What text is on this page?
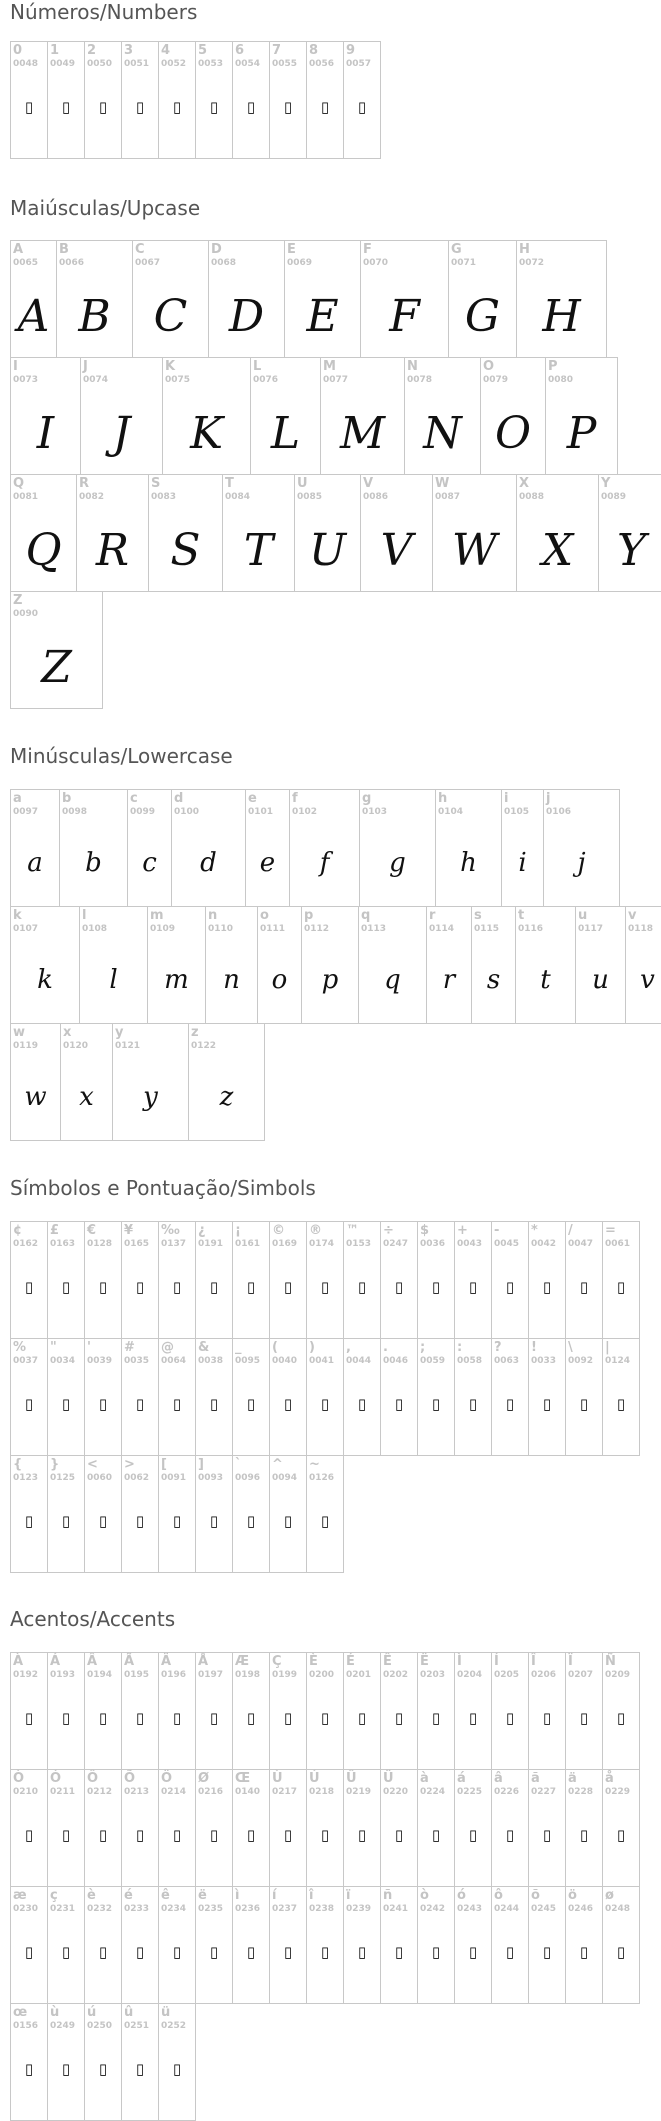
Números/Numbers
0
0048
▯
1
0049
▯
2
0050
▯
3
0051
▯
4
0052
▯
5
0053
▯
6
0054
▯
7
0055
▯
8
0056
▯
9
0057
▯
Maiúsculas/Upcase
A
0065
A
B
0066
B
C
0067
C
D
0068
D
E
0069
E
F
0070
F
G
0071
G
H
0072
H
I
0073
I
J
0074
J
K
0075
K
L
0076
L
M
0077
M
N
0078
N
O
0079
O
P
0080
P
Q
0081
Q
R
0082
R
S
0083
S
T
0084
T
U
0085
U
V
0086
V
W
0087
W
X
0088
X
Y
0089
Y
Z
0090
Z
Minúsculas/Lowercase
a
0097
a
b
0098
b
c
0099
c
d
0100
d
e
0101
e
f
0102
f
g
0103
g
h
0104
h
i
0105
i
j
0106
j
k
0107
k
l
0108
l
m
0109
m
n
0110
n
o
0111
o
p
0112
p
q
0113
q
r
0114
r
s
0115
s
t
0116
t
u
0117
u
v
0118
v
w
0119
w
x
0120
x
y
0121
y
z
0122
z
Símbolos e Pontuação/Simbols
¢
0162
▯
£
0163
▯
€
0128
▯
¥
0165
▯
‰
0137
▯
¿
0191
▯
¡
0161
▯
©
0169
▯
®
0174
▯
™
0153
▯
÷
0247
▯
$
0036
▯
+
0043
▯
-
0045
▯
*
0042
▯
/
0047
▯
=
0061
▯
%
0037
▯
"
0034
▯
'
0039
▯
#
0035
▯
@
0064
▯
&
0038
▯
_
0095
▯
(
0040
▯
)
0041
▯
,
0044
▯
.
0046
▯
;
0059
▯
:
0058
▯
?
0063
▯
!
0033
▯
\
0092
▯
|
0124
▯
{
0123
▯
}
0125
▯
<
0060
▯
>
0062
▯
[
0091
▯
]
0093
▯
`
0096
▯
^
0094
▯
~
0126
▯
Acentos/Accents
À
0192
▯
Á
0193
▯
Â
0194
▯
Ã
0195
▯
Ä
0196
▯
Å
0197
▯
Æ
0198
▯
Ç
0199
▯
È
0200
▯
É
0201
▯
Ê
0202
▯
Ë
0203
▯
Ì
0204
▯
Í
0205
▯
Î
0206
▯
Ï
0207
▯
Ñ
0209
▯
Ò
0210
▯
Ó
0211
▯
Ô
0212
▯
Õ
0213
▯
Ö
0214
▯
Ø
0216
▯
Œ
0140
▯
Ù
0217
▯
Ú
0218
▯
Û
0219
▯
Ü
0220
▯
à
0224
▯
á
0225
▯
â
0226
▯
ã
0227
▯
ä
0228
▯
å
0229
▯
æ
0230
▯
ç
0231
▯
è
0232
▯
é
0233
▯
ê
0234
▯
ë
0235
▯
ì
0236
▯
í
0237
▯
î
0238
▯
ï
0239
▯
ñ
0241
▯
ò
0242
▯
ó
0243
▯
ô
0244
▯
õ
0245
▯
ö
0246
▯
ø
0248
▯
œ
0156
▯
ù
0249
▯
ú
0250
▯
û
0251
▯
ü
0252
▯
